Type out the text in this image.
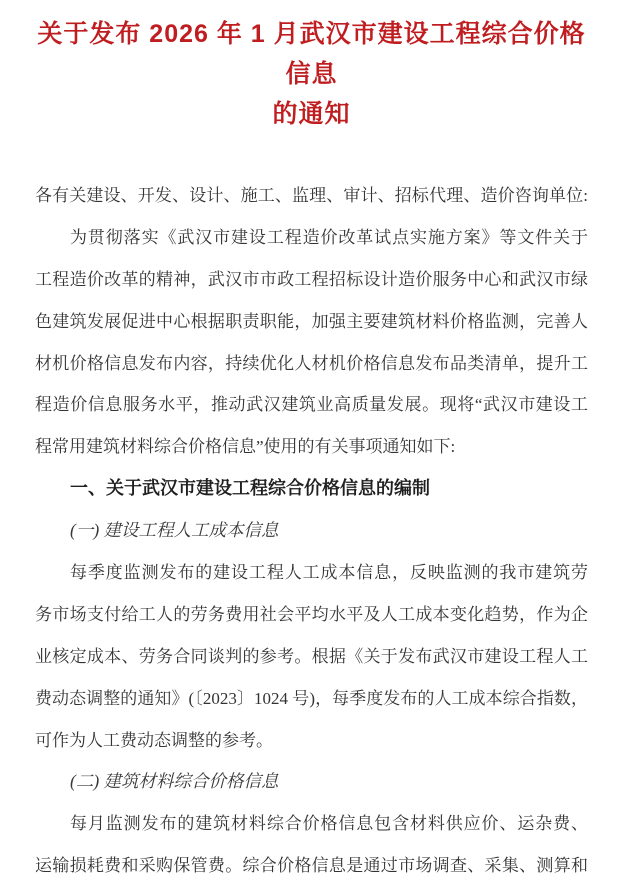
关于发布 2026 年 1 月武汉市建设工程综合价格信息
的通知
各有关建设、开发、设计、施工、监理、审计、招标代理、造价咨询单位:
为贯彻落实《武汉市建设工程造价改革试点实施方案》等文件关于
工程造价改革的精神，武汉市市政工程招标设计造价服务中心和武汉市绿
色建筑发展促进中心根据职责职能，加强主要建筑材料价格监测，完善人
材机价格信息发布内容，持续优化人材机价格信息发布品类清单，提升工
程造价信息服务水平，推动武汉建筑业高质量发展。现将“武汉市建设工
程常用建筑材料综合价格信息”使用的有关事项通知如下:
一、关于武汉市建设工程综合价格信息的编制
(一) 建设工程人工成本信息
每季度监测发布的建设工程人工成本信息，反映监测的我市建筑劳
务市场支付给工人的劳务费用社会平均水平及人工成本变化趋势，作为企
业核定成本、劳务合同谈判的参考。根据《关于发布武汉市建设工程人工
费动态调整的通知》(〔2023〕1024 号)，每季度发布的人工成本综合指数，
可作为人工费动态调整的参考。
(二) 建筑材料综合价格信息
每月监测发布的建筑材料综合价格信息包含材料供应价、运杂费、
运输损耗费和采购保管费。综合价格信息是通过市场调查、采集、测算和
